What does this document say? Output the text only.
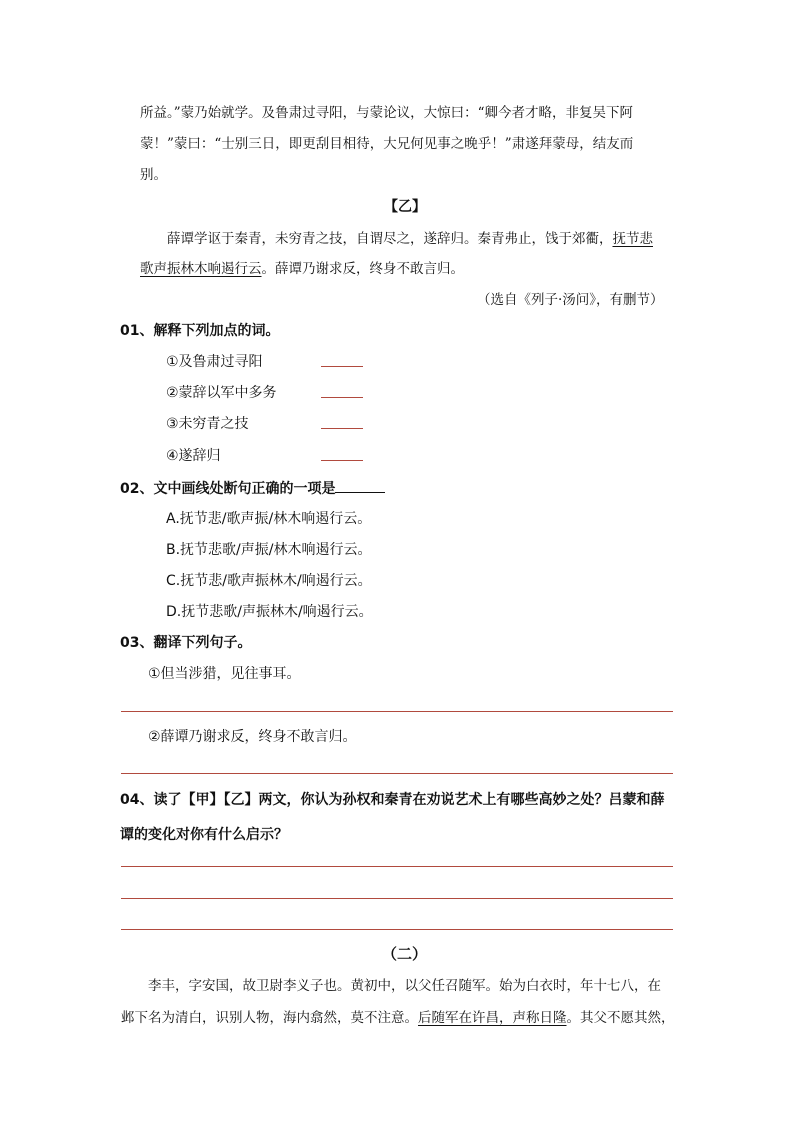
所益。”蒙乃始就学。及鲁肃过寻阳，与蒙论议，大惊曰：“卿今者才略，非复吴下阿
蒙！”蒙曰：“士别三日，即更刮目相待，大兄何见事之晚乎！”肃遂拜蒙母，结友而
别。
【乙】
薛谭学讴于秦青，未穷青之技，自谓尽之，遂辞归。秦青弗止，饯于郊衢，抚节悲
歌声振林木响遏行云。薛谭乃谢求反，终身不敢言归。
（选自《列子·汤问》，有删节）
01、解释下列加点的词。
①及鲁肃过寻阳
②蒙辞以军中多务
③未穷青之技
④遂辞归
02、文中画线处断句正确的一项是
A.抚节悲/歌声振/林木响遏行云。
B.抚节悲歌/声振/林木响遏行云。
C.抚节悲/歌声振林木/响遏行云。
D.抚节悲歌/声振林木/响遏行云。
03、翻译下列句子。
①但当涉猎，见往事耳。
②薛谭乃谢求反，终身不敢言归。
04、读了【甲】【乙】两文，你认为孙权和秦青在劝说艺术上有哪些高妙之处？吕蒙和薛
谭的变化对你有什么启示？
（二）
李丰，字安国，故卫尉李义子也。黄初中，以父任召随军。始为白衣时，年十七八，在
邺下名为清白，识别人物，海内翕然，莫不注意。后随军在许昌，声称日隆。其父不愿其然，
